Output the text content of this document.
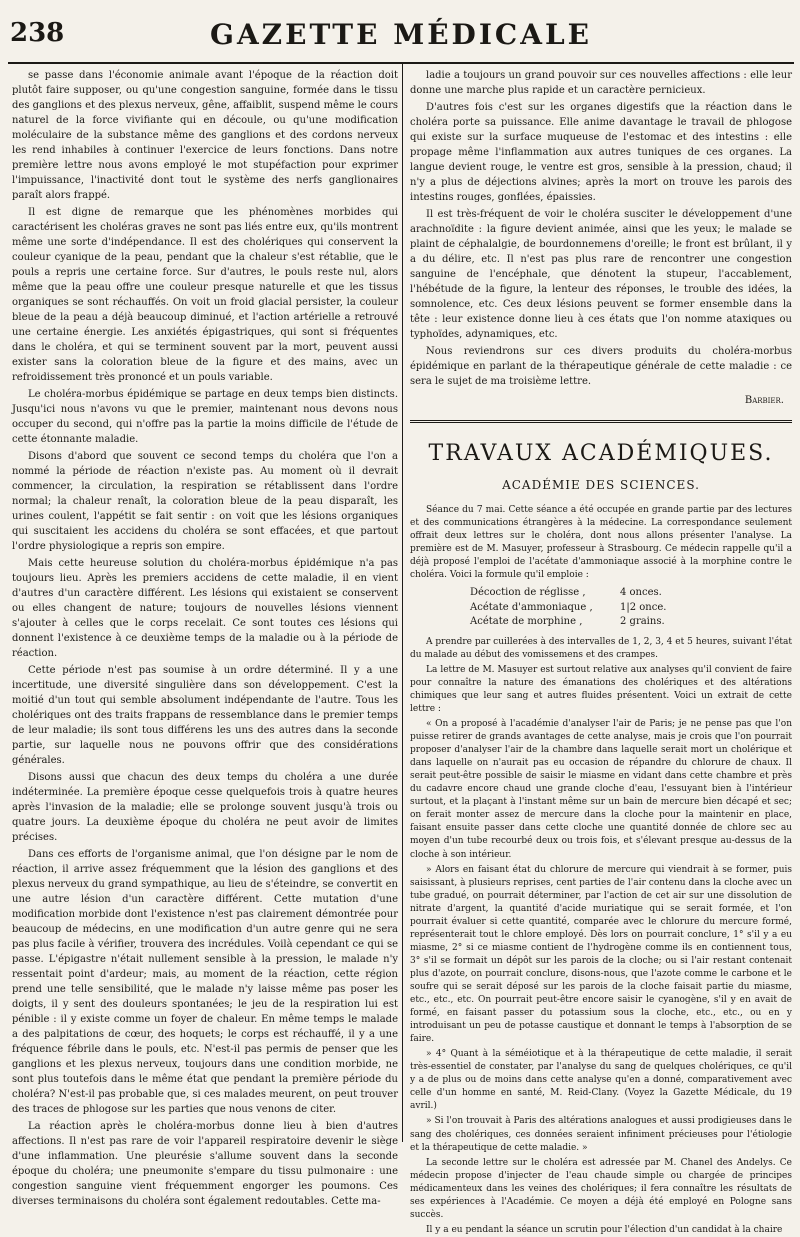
238	GAZETTE MÉDICALE

se passe dans l'économie animale avant l'époque de la réaction doit plutôt faire supposer, ou qu'une congestion sanguine, formée dans le tissu des ganglions et des plexus nerveux, gêne, affaiblit, suspend même le cours naturel de la force vivifiante qui en découle, ou qu'une modification moléculaire de la substance même des ganglions et des cordons nerveux les rend inhabiles à continuer l'exercice de leurs fonctions. Dans notre première lettre nous avons employé le mot stupéfaction pour exprimer l'impuissance, l'inactivité dont tout le système des nerfs ganglionaires paraît alors frappé.

Il est digne de remarque que les phénomènes morbides qui caractérisent les choléras graves ne sont pas liés entre eux, qu'ils montrent même une sorte d'indépendance. Il est des cholériques qui conservent la couleur cyanique de la peau, pendant que la chaleur s'est rétablie, que le pouls a repris une certaine force. Sur d'autres, le pouls reste nul, alors même que la peau offre une couleur presque naturelle et que les tissus organiques se sont réchauffés. On voit un froid glacial persister, la couleur bleue de la peau a déjà beaucoup diminué, et l'action artérielle a retrouvé une certaine énergie. Les anxiétés épigastriques, qui sont si fréquentes dans le choléra, et qui se terminent souvent par la mort, peuvent aussi exister sans la coloration bleue de la figure et des mains, avec un refroidissement très prononcé et un pouls variable.

Le choléra-morbus épidémique se partage en deux temps bien distincts. Jusqu'ici nous n'avons vu que le premier, maintenant nous devons nous occuper du second, qui n'offre pas la partie la moins difficile de l'étude de cette étonnante maladie.

Disons d'abord que souvent ce second temps du choléra que l'on a nommé la période de réaction n'existe pas. Au moment où il devrait commencer, la circulation, la respiration se rétablissent dans l'ordre normal; la chaleur renaît, la coloration bleue de la peau disparaît, les urines coulent, l'appétit se fait sentir : on voit que les lésions organiques qui suscitaient les accidens du choléra se sont effacées, et que partout l'ordre physiologique a repris son empire.

Mais cette heureuse solution du choléra-morbus épidémique n'a pas toujours lieu. Après les premiers accidens de cette maladie, il en vient d'autres d'un caractère différent. Les lésions qui existaient se conservent ou elles changent de nature; toujours de nouvelles lésions viennent s'ajouter à celles que le corps recelait. Ce sont toutes ces lésions qui donnent l'existence à ce deuxième temps de la maladie ou à la période de réaction.

Cette période n'est pas soumise à un ordre déterminé. Il y a une incertitude, une diversité singulière dans son développement. C'est la moitié d'un tout qui semble absolument indépendante de l'autre. Tous les cholériques ont des traits frappans de ressemblance dans le premier temps de leur maladie; ils sont tous différens les uns des autres dans la seconde partie, sur laquelle nous ne pouvons offrir que des considérations générales.

Disons aussi que chacun des deux temps du choléra a une durée indéterminée. La première époque cesse quelquefois trois à quatre heures après l'invasion de la maladie; elle se prolonge souvent jusqu'à trois ou quatre jours. La deuxième époque du choléra ne peut avoir de limites précises.

Dans ces efforts de l'organisme animal, que l'on désigne par le nom de réaction, il arrive assez fréquemment que la lésion des ganglions et des plexus nerveux du grand sympathique, au lieu de s'éteindre, se convertit en une autre lésion d'un caractère différent. Cette mutation d'une modification morbide dont l'existence n'est pas clairement démontrée pour beaucoup de médecins, en une modification d'un autre genre qui ne sera pas plus facile à vérifier, trouvera des incrédules. Voilà cependant ce qui se passe. L'épigastre n'était nullement sensible à la pression, le malade n'y ressentait point d'ardeur; mais, au moment de la réaction, cette région prend une telle sensibilité, que le malade n'y laisse même pas poser les doigts, il y sent des douleurs spontanées; le jeu de la respiration lui est pénible : il y existe comme un foyer de chaleur. En même temps le malade a des palpitations de cœur, des hoquets; le corps est réchauffé, il y a une fréquence fébrile dans le pouls, etc. N'est-il pas permis de penser que les ganglions et les plexus nerveux, toujours dans une condition morbide, ne sont plus toutefois dans le même état que pendant la première période du choléra? N'est-il pas probable que, si ces malades meurent, on peut trouver des traces de phlogose sur les parties que nous venons de citer.

La réaction après le choléra-morbus donne lieu à bien d'autres affections. Il n'est pas rare de voir l'appareil respiratoire devenir le siège d'une inflammation. Une pleurésie s'allume souvent dans la seconde époque du choléra; une pneumonite s'empare du tissu pulmonaire : une congestion sanguine vient fréquemment engorger les poumons. Ces diverses terminaisons du choléra sont également redoutables. Cette ma-

ladie a toujours un grand pouvoir sur ces nouvelles affections : elle leur donne une marche plus rapide et un caractère pernicieux.

D'autres fois c'est sur les organes digestifs que la réaction dans le choléra porte sa puissance. Elle anime davantage le travail de phlogose qui existe sur la surface muqueuse de l'estomac et des intestins : elle propage même l'inflammation aux autres tuniques de ces organes. La langue devient rouge, le ventre est gros, sensible à la pression, chaud; il n'y a plus de déjections alvines; après la mort on trouve les parois des intestins rouges, gonflées, épaissies.

Il est très-fréquent de voir le choléra susciter le développement d'une arachnoïdite : la figure devient animée, ainsi que les yeux; le malade se plaint de céphalalgie, de bourdonnemens d'oreille; le front est brûlant, il y a du délire, etc. Il n'est pas plus rare de rencontrer une congestion sanguine de l'encéphale, que dénotent la stupeur, l'accablement, l'hébétude de la figure, la lenteur des réponses, le trouble des idées, la somnolence, etc. Ces deux lésions peuvent se former ensemble dans la tête : leur existence donne lieu à ces états que l'on nomme ataxiques ou typhoïdes, adynamiques, etc.

Nous reviendrons sur ces divers produits du choléra-morbus épidémique en parlant de la thérapeutique générale de cette maladie : ce sera le sujet de ma troisième lettre.

Barbier.

TRAVAUX ACADÉMIQUES.
ACADÉMIE DES SCIENCES.

Séance du 7 mai. Cette séance a été occupée en grande partie par des lectures et des communications étrangères à la médecine. La correspondance seulement offrait deux lettres sur le choléra, dont nous allons présenter l'analyse. La première est de M. Masuyer, professeur à Strasbourg. Ce médecin rappelle qu'il a déjà proposé l'emploi de l'acétate d'ammoniaque associé à la morphine contre le choléra. Voici la formule qu'il emploie :

Décoction de réglisse ,	4 onces.
Acétate d'ammoniaque ,	1|2 once.
Acétate de morphine ,	2 grains.

A prendre par cuillerées à des intervalles de 1, 2, 3, 4 et 5 heures, suivant l'état du malade au début des vomissemens et des crampes.

La lettre de M. Masuyer est surtout relative aux analyses qu'il convient de faire pour connaître la nature des émanations des cholériques et des altérations chimiques que leur sang et autres fluides présentent. Voici un extrait de cette lettre :

« On a proposé à l'académie d'analyser l'air de Paris; je ne pense pas que l'on puisse retirer de grands avantages de cette analyse, mais je crois que l'on pourrait proposer d'analyser l'air de la chambre dans laquelle serait mort un cholérique et dans laquelle on n'aurait pas eu occasion de répandre du chlorure de chaux. Il serait peut-être possible de saisir le miasme en vidant dans cette chambre et près du cadavre encore chaud une grande cloche d'eau, l'essuyant bien à l'intérieur surtout, et la plaçant à l'instant même sur un bain de mercure bien décapé et sec; on ferait monter assez de mercure dans la cloche pour la maintenir en place, faisant ensuite passer dans cette cloche une quantité donnée de chlore sec au moyen d'un tube recourbé deux ou trois fois, et s'élevant presque au-dessus de la cloche à son intérieur.

» Alors en faisant état du chlorure de mercure qui viendrait à se former, puis saisissant, à plusieurs reprises, cent parties de l'air contenu dans la cloche avec un tube gradué, on pourrait déterminer, par l'action de cet air sur une dissolution de nitrate d'argent, la quantité d'acide muriatique qui se serait formée, et l'on pourrait évaluer si cette quantité, comparée avec le chlorure du mercure formé, représenterait tout le chlore employé. Dès lors on pourrait conclure, 1° s'il y a eu miasme, 2° si ce miasme contient de l'hydrogène comme ils en contiennent tous, 3° s'il se formait un dépôt sur les parois de la cloche; ou si l'air restant contenait plus d'azote, on pourrait conclure, disons-nous, que l'azote comme le carbone et le soufre qui se serait déposé sur les parois de la cloche faisait partie du miasme, etc., etc., etc. On pourrait peut-être encore saisir le cyanogène, s'il y en avait de formé, en faisant passer du potassium sous la cloche, etc., etc., ou en y introduisant un peu de potasse caustique et donnant le temps à l'absorption de se faire.

» 4° Quant à la séméiotique et à la thérapeutique de cette maladie, il serait très-essentiel de constater, par l'analyse du sang de quelques cholériques, ce qu'il y a de plus ou de moins dans cette analyse qu'en a donné, comparativement avec celle d'un homme en santé, M. Reid-Clany. (Voyez la Gazette Médicale, du 19 avril.)

» Si l'on trouvait à Paris des altérations analogues et aussi prodigieuses dans le sang des cholériques, ces données seraient infiniment précieuses pour l'étiologie et la thérapeutique de cette maladie. »

La seconde lettre sur le choléra est adressée par M. Chanel des Andelys. Ce médecin propose d'injecter de l'eau chaude simple ou chargée de principes médicamenteux dans les veines des cholériques; il fera connaître les résultats de ses expériences à l'Académie. Ce moyen a déjà été employé en Pologne sans succès.

Il y a eu pendant la séance un scrutin pour l'élection d'un candidat à la chaire
